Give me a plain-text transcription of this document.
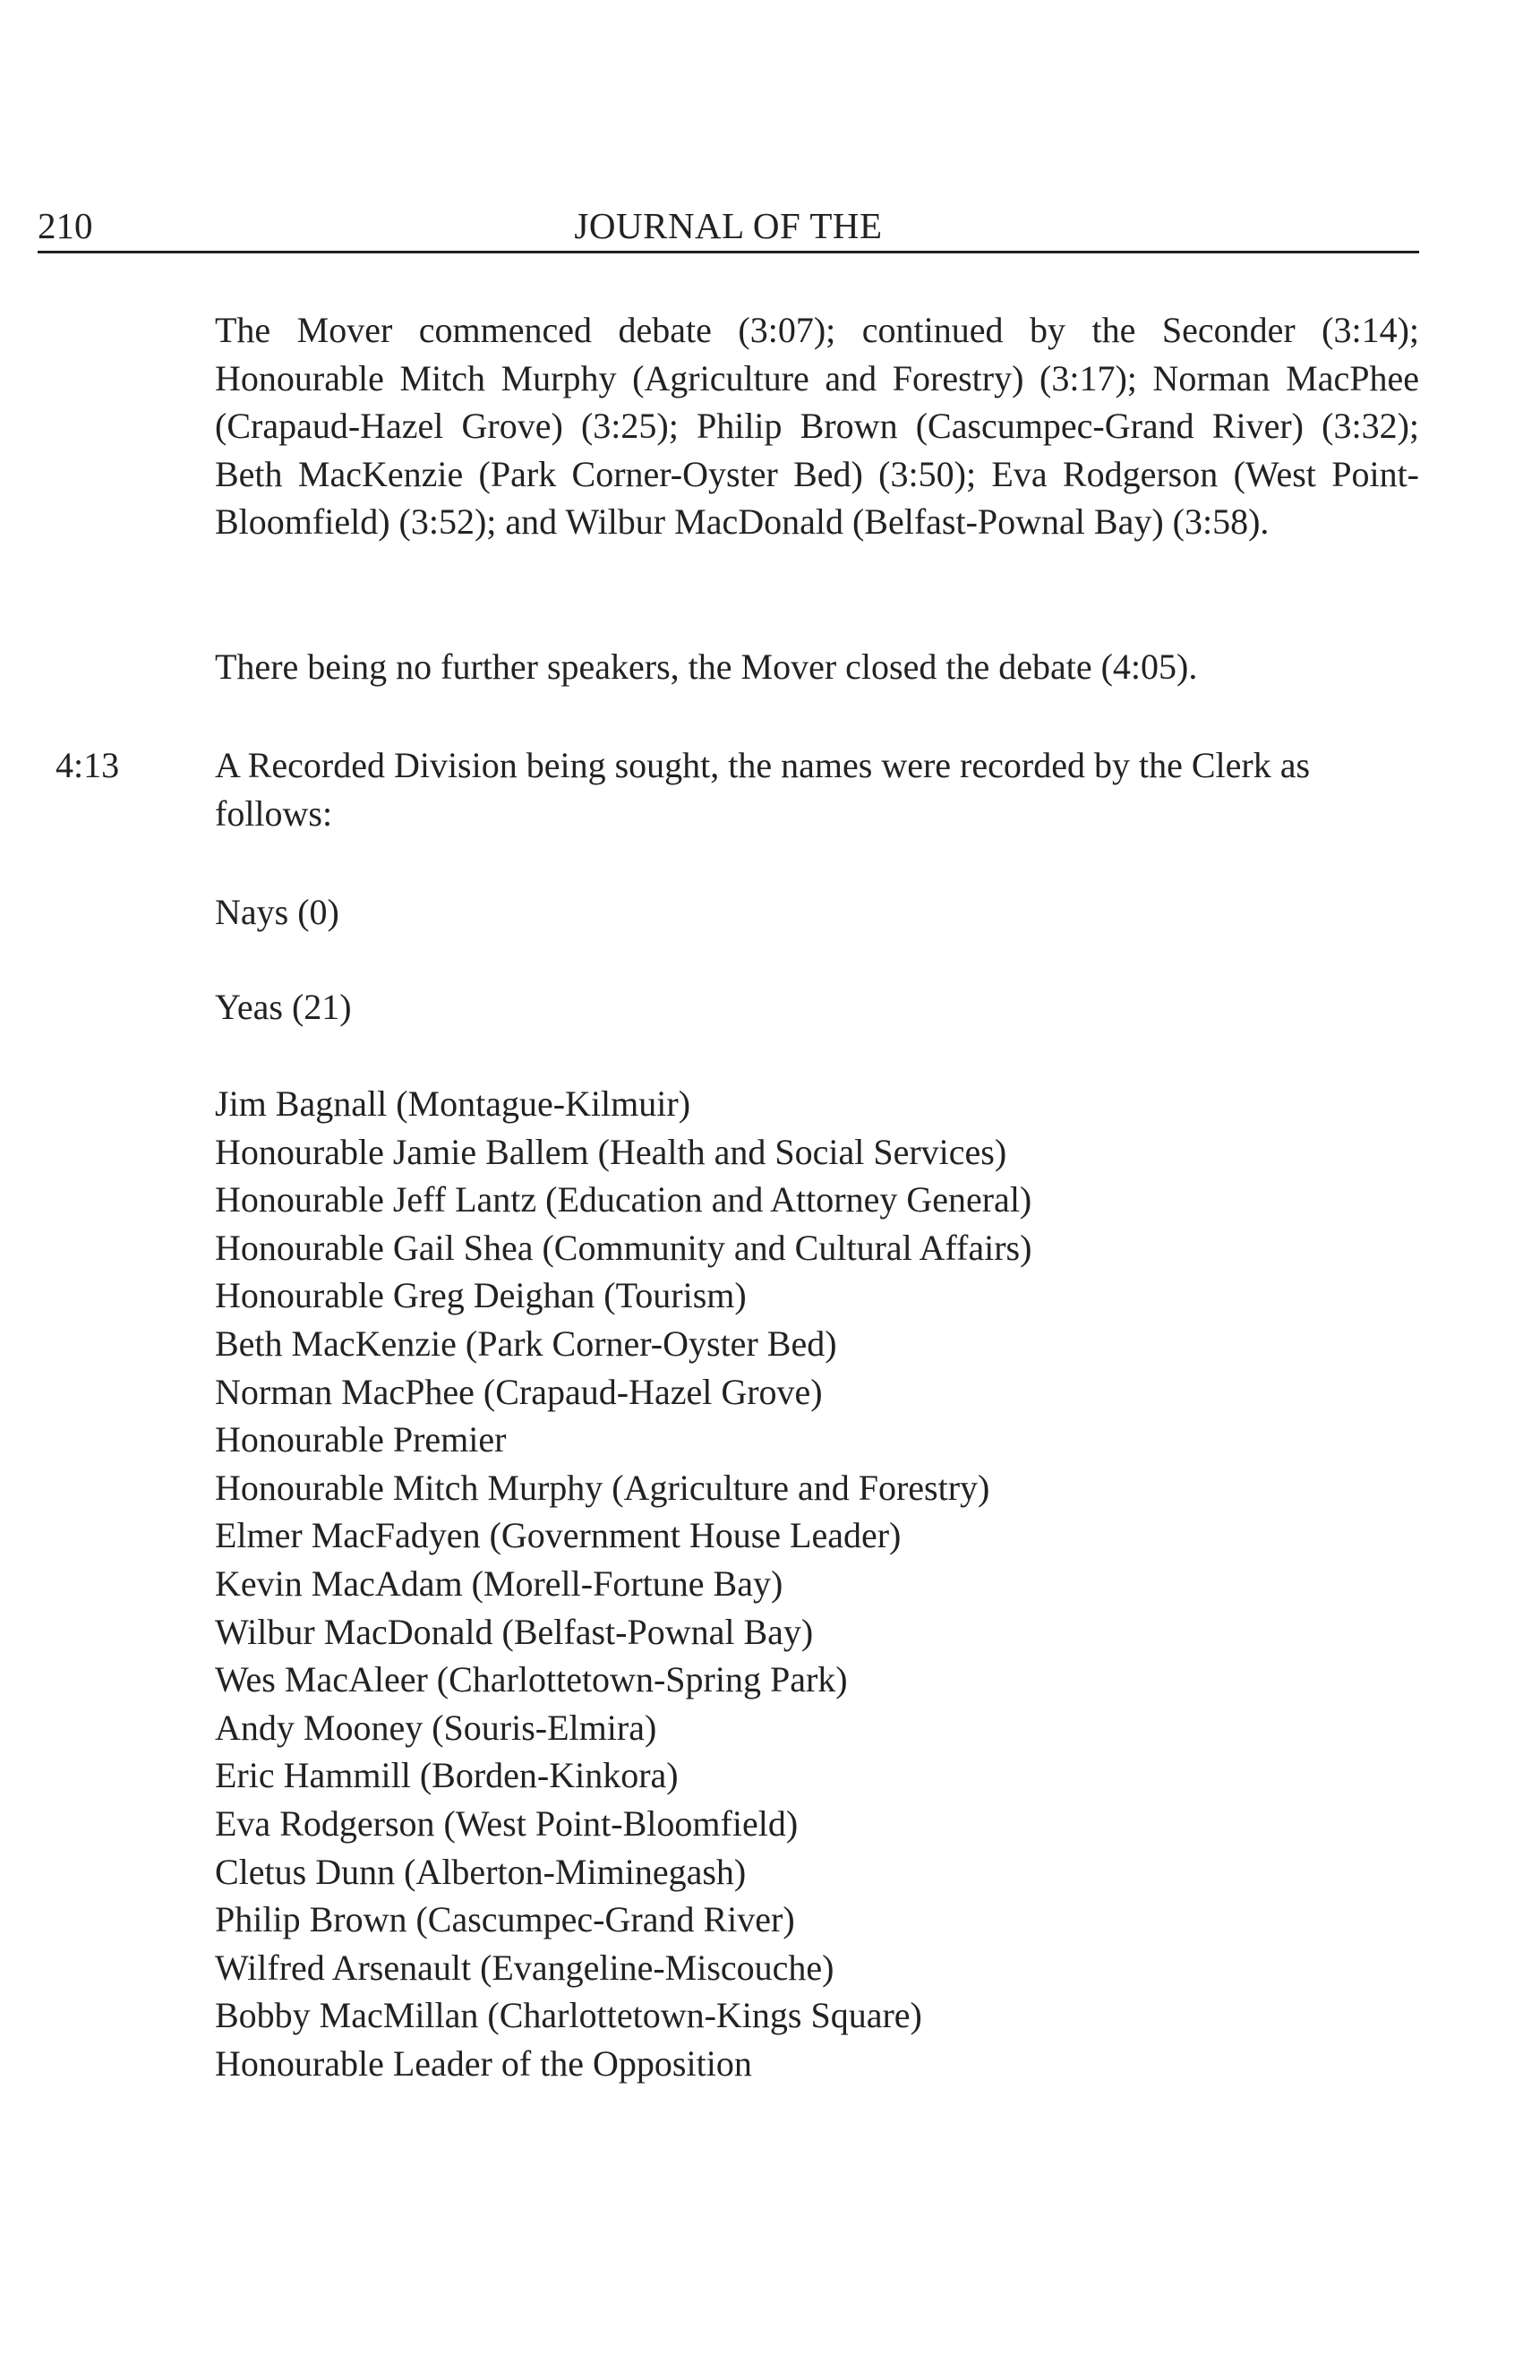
210	JOURNAL OF THE

The Mover commenced debate (3:07); continued by the Seconder (3:14); Honourable Mitch Murphy (Agriculture and Forestry) (3:17); Norman MacPhee (Crapaud-Hazel Grove) (3:25); Philip Brown (Cascumpec-Grand River) (3:32); Beth MacKenzie (Park Corner-Oyster Bed) (3:50); Eva Rodgerson (West Point-Bloomfield) (3:52); and Wilbur MacDonald (Belfast-Pownal Bay) (3:58).

There being no further speakers, the Mover closed the debate (4:05).

4:13	A Recorded Division being sought, the names were recorded by the Clerk as follows:

Nays (0)

Yeas (21)

Jim Bagnall (Montague-Kilmuir)
Honourable Jamie Ballem (Health and Social Services)
Honourable Jeff Lantz (Education and Attorney General)
Honourable Gail Shea (Community and Cultural Affairs)
Honourable Greg Deighan (Tourism)
Beth MacKenzie (Park Corner-Oyster Bed)
Norman MacPhee (Crapaud-Hazel Grove)
Honourable Premier
Honourable Mitch Murphy (Agriculture and Forestry)
Elmer MacFadyen (Government House Leader)
Kevin MacAdam (Morell-Fortune Bay)
Wilbur MacDonald (Belfast-Pownal Bay)
Wes MacAleer (Charlottetown-Spring Park)
Andy Mooney (Souris-Elmira)
Eric Hammill (Borden-Kinkora)
Eva Rodgerson (West Point-Bloomfield)
Cletus Dunn (Alberton-Miminegash)
Philip Brown (Cascumpec-Grand River)
Wilfred Arsenault (Evangeline-Miscouche)
Bobby MacMillan (Charlottetown-Kings Square)
Honourable Leader of the Opposition
